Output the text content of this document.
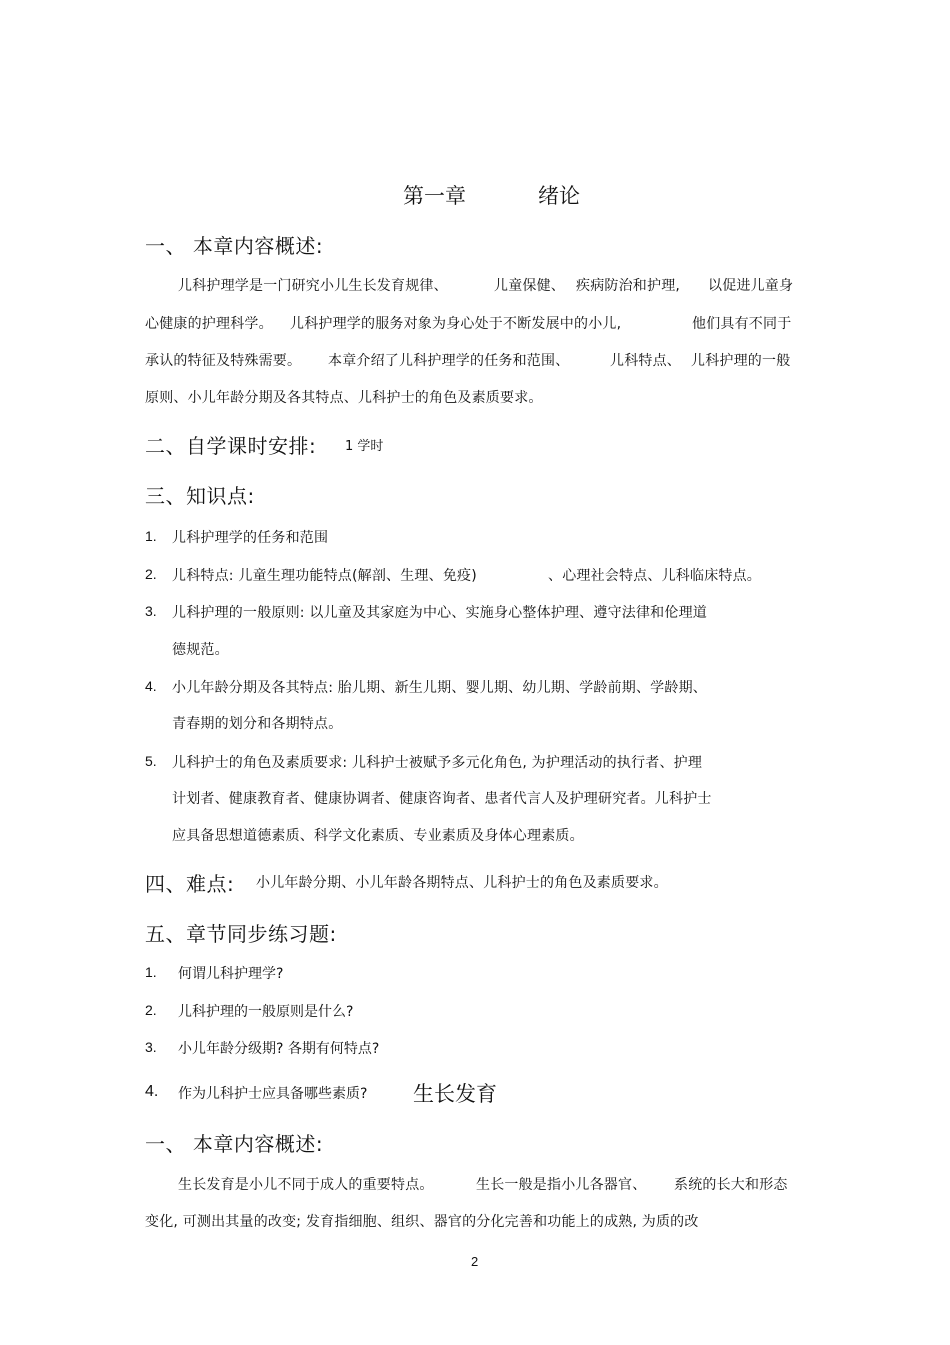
第一章	绪论
一、 本章内容概述:
儿科护理学是一门研究小儿生长发育规律、	儿童保健、 疾病防治和护理, 以促进儿童身
心健康的护理科学。 儿科护理学的服务对象为身心处于不断发展中的小儿,	他们具有不同于
承认的特征及特殊需要。 本章介绍了儿科护理学的任务和范围、	儿科特点、 儿科护理的一般
原则、小儿年龄分期及各其特点、儿科护士的角色及素质要求。
二、自学课时安排: 1 学时
三、知识点:
1. 儿科护理学的任务和范围
2. 儿科特点: 儿童生理功能特点(解剖、生理、免疫)	、心理社会特点、儿科临床特点。
3. 儿科护理的一般原则: 以儿童及其家庭为中心、实施身心整体护理、遵守法律和伦理道
德规范。
4. 小儿年龄分期及各其特点: 胎儿期、新生儿期、婴儿期、幼儿期、学龄前期、学龄期、
青春期的划分和各期特点。
5. 儿科护士的角色及素质要求: 儿科护士被赋予多元化角色, 为护理活动的执行者、护理
计划者、健康教育者、健康协调者、健康咨询者、患者代言人及护理研究者。儿科护士
应具备思想道德素质、科学文化素质、专业素质及身体心理素质。
四、难点: 小儿年龄分期、小儿年龄各期特点、儿科护士的角色及素质要求。
五、章节同步练习题:
1. 何谓儿科护理学?
2. 儿科护理的一般原则是什么?
3. 小儿年龄分级期? 各期有何特点?
4. 作为儿科护士应具备哪些素质? 生长发育
一、 本章内容概述:
生长发育是小儿不同于成人的重要特点。	生长一般是指小儿各器官、 系统的长大和形态
变化, 可测出其量的改变; 发育指细胞、组织、器官的分化完善和功能上的成熟, 为质的改
2
